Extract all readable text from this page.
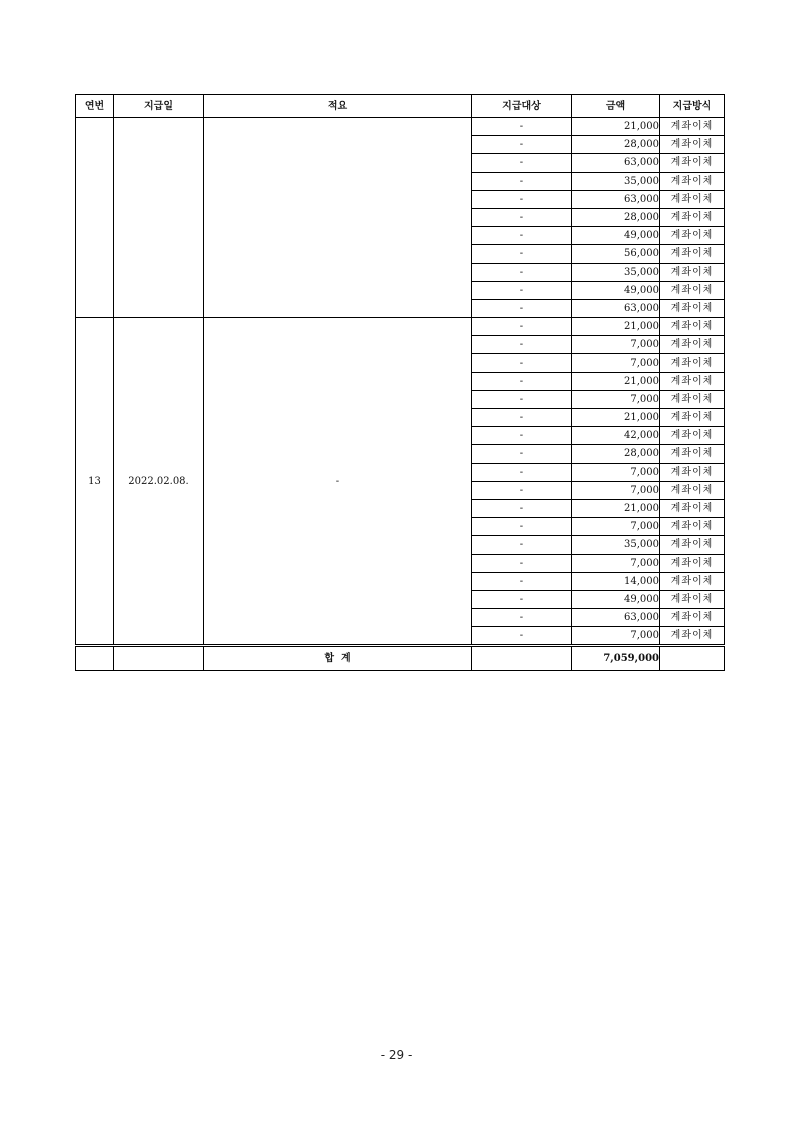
연번	지급일	적요	지급대상	금액	지급방식
			-	21,000	계좌이체
			-	28,000	계좌이체
			-	63,000	계좌이체
			-	35,000	계좌이체
			-	63,000	계좌이체
			-	28,000	계좌이체
			-	49,000	계좌이체
			-	56,000	계좌이체
			-	35,000	계좌이체
			-	49,000	계좌이체
			-	63,000	계좌이체
13	2022.02.08.	-	-	21,000	계좌이체
			-	7,000	계좌이체
			-	7,000	계좌이체
			-	21,000	계좌이체
			-	7,000	계좌이체
			-	21,000	계좌이체
			-	42,000	계좌이체
			-	28,000	계좌이체
			-	7,000	계좌이체
			-	7,000	계좌이체
			-	21,000	계좌이체
			-	7,000	계좌이체
			-	35,000	계좌이체
			-	7,000	계좌이체
			-	14,000	계좌이체
			-	49,000	계좌이체
			-	63,000	계좌이체
			-	7,000	계좌이체
		합  계		7,059,000	
- 29 -
